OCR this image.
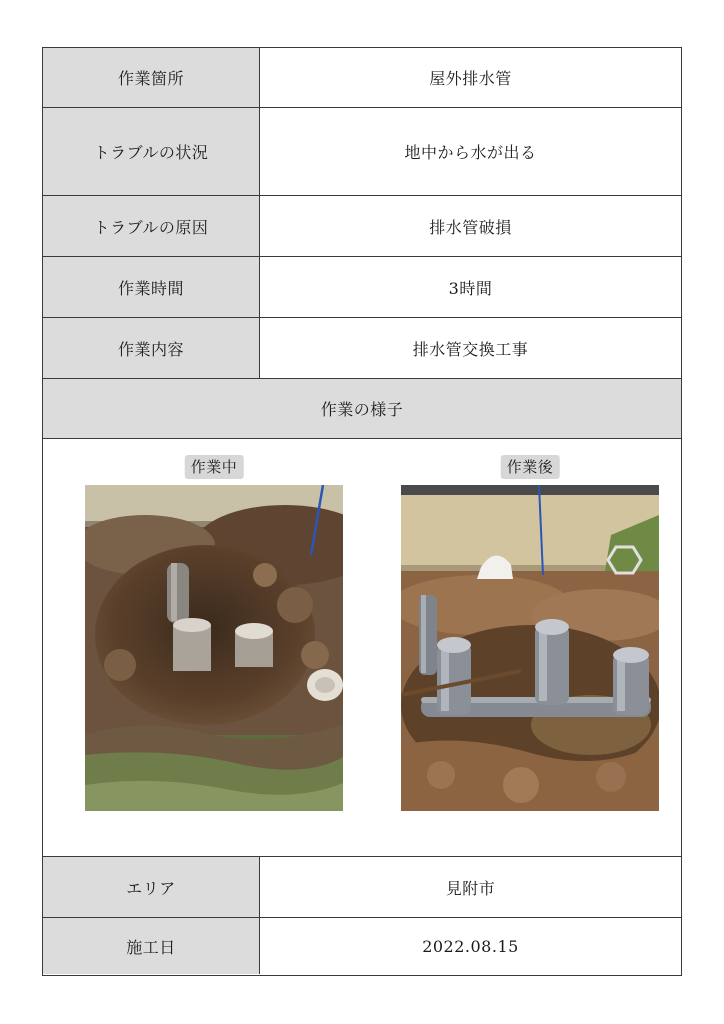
作業箇所	屋外排水管
トラブルの状況	地中から水が出る
トラブルの原因	排水管破損
作業時間	3時間
作業内容	排水管交換工事
作業の様子
作業中	作業後
エリア	見附市
施工日	2022.08.15
